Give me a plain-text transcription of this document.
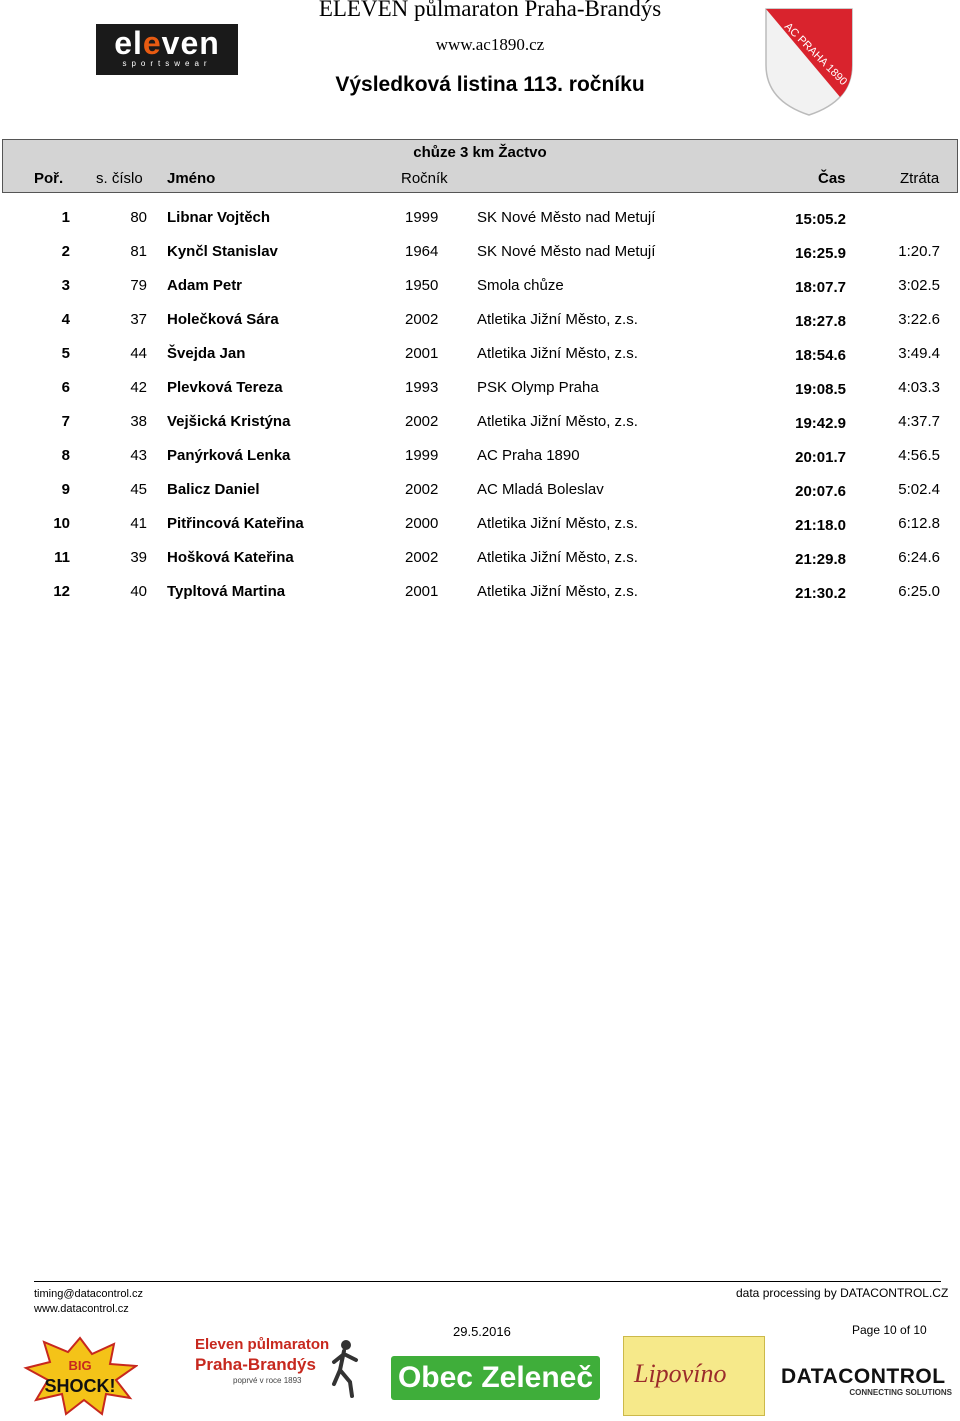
ELEVEN půlmaraton Praha-Brandýs
www.ac1890.cz
Výsledková listina 113. ročníku
eleven
sportswear	AC PRAHA 1890
chůze 3 km Žactvo
Poř. s. číslo Jméno	Ročník	Čas	Ztráta
1	80 Libnar Vojtěch	1999	SK Nové Město nad Metují	15:05.2
2	81 Kynčl Stanislav	1964	SK Nové Město nad Metují	16:25.9	1:20.7
3	79 Adam Petr	1950	Smola chůze	18:07.7	3:02.5
4	37 Holečková Sára	2002	Atletika Jižní Město, z.s.	18:27.8	3:22.6
5	44 Švejda Jan	2001	Atletika Jižní Město, z.s.	18:54.6	3:49.4
6	42 Plevková Tereza	1993	PSK Olymp Praha	19:08.5	4:03.3
7	38 Vejšická Kristýna	2002	Atletika Jižní Město, z.s.	19:42.9	4:37.7
8	43 Panýrková Lenka	1999	AC Praha 1890	20:01.7	4:56.5
9	45 Balicz Daniel	2002	AC Mladá Boleslav	20:07.6	5:02.4
10	41 Pitřincová Kateřina	2000	Atletika Jižní Město, z.s.	21:18.0	6:12.8
11	39 Hošková Kateřina	2002	Atletika Jižní Město, z.s.	21:29.8	6:24.6
12	40 Typltová Martina	2001	Atletika Jižní Město, z.s.	21:30.2	6:25.0
timing@datacontrol.cz
www.datacontrol.cz
data processing by DATACONTROL.CZ
29.5.2016	Page 10 of 10
BIG
SHOCK!
Eleven půlmaraton
Praha-Brandýs
poprvé v roce 1893	Obec Zeleneč Lipovíno	DATACONTROL
CONNECTING SOLUTIONS
